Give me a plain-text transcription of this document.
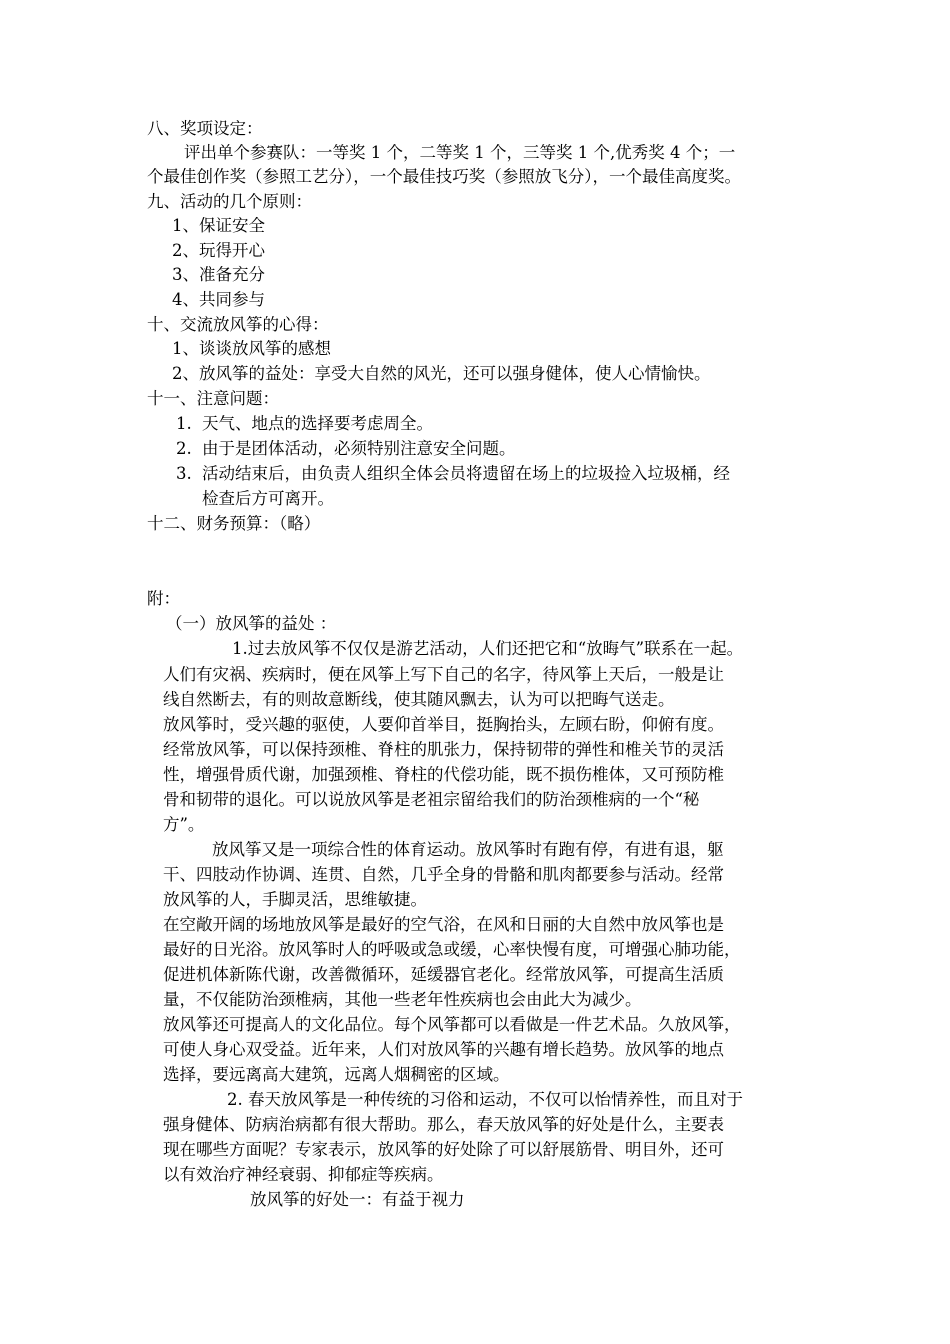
八、奖项设定：
评出单个参赛队：一等奖 1 个，二等奖 1 个，三等奖 1 个,优秀奖 4 个；一
个最佳创作奖（参照工艺分），一个最佳技巧奖（参照放飞分），一个最佳高度奖。
九、活动的几个原则：
1、保证安全
2、玩得开心
3、准备充分
4、共同参与
十、交流放风筝的心得：
1、谈谈放风筝的感想
2、放风筝的益处：享受大自然的风光，还可以强身健体，使人心情愉快。
十一、注意问题：
1. 天气、地点的选择要考虑周全。
2. 由于是团体活动，必须特别注意安全问题。
3. 活动结束后，由负责人组织全体会员将遗留在场上的垃圾捡入垃圾桶，经
检查后方可离开。
十二、财务预算：（略）
附：
（一）放风筝的益处 ：
1.过去放风筝不仅仅是游艺活动，人们还把它和“放晦气”联系在一起。
人们有灾祸、疾病时，便在风筝上写下自己的名字，待风筝上天后，一般是让
线自然断去，有的则故意断线，使其随风飘去，认为可以把晦气送走。
放风筝时，受兴趣的驱使，人要仰首举目，挺胸抬头，左顾右盼，仰俯有度。
经常放风筝，可以保持颈椎、脊柱的肌张力，保持韧带的弹性和椎关节的灵活
性，增强骨质代谢，加强颈椎、脊柱的代偿功能，既不损伤椎体，又可预防椎
骨和韧带的退化。可以说放风筝是老祖宗留给我们的防治颈椎病的一个“秘
方”。
放风筝又是一项综合性的体育运动。放风筝时有跑有停，有进有退，躯
干、四肢动作协调、连贯、自然，几乎全身的骨骼和肌肉都要参与活动。经常
放风筝的人，手脚灵活，思维敏捷。
在空敞开阔的场地放风筝是最好的空气浴，在风和日丽的大自然中放风筝也是
最好的日光浴。放风筝时人的呼吸或急或缓，心率快慢有度，可增强心肺功能，
促进机体新陈代谢，改善微循环，延缓器官老化。经常放风筝，可提高生活质
量，不仅能防治颈椎病，其他一些老年性疾病也会由此大为减少。
放风筝还可提高人的文化品位。每个风筝都可以看做是一件艺术品。久放风筝，
可使人身心双受益。近年来，人们对放风筝的兴趣有增长趋势。放风筝的地点
选择，要远离高大建筑，远离人烟稠密的区域。
2. 春天放风筝是一种传统的习俗和运动，不仅可以怡情养性，而且对于
强身健体、防病治病都有很大帮助。那么，春天放风筝的好处是什么，主要表
现在哪些方面呢？专家表示，放风筝的好处除了可以舒展筋骨、明目外，还可
以有效治疗神经衰弱、抑郁症等疾病。
放风筝的好处一：有益于视力
